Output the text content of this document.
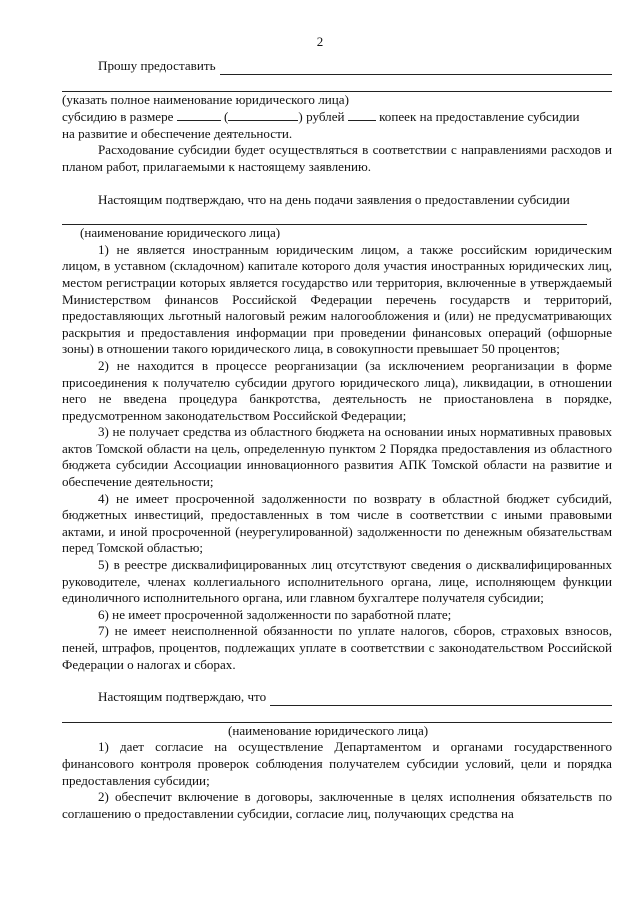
2
Прошу предоставить

(указать полное наименование юридического лица)

субсидию в размере	(	) рублей	копеек на предоставление субсидии

на развитие и обеспечение деятельности.

Расходование субсидии будет осуществляться в соответствии с направлениями расходов и планом работ, прилагаемыми к настоящему заявлению.

Настоящим подтверждаю, что на день подачи заявления о предоставлении субсидии

(наименование юридического лица)

1) не является иностранным юридическим лицом, а также российским юридическим лицом, в уставном (складочном) капитале которого доля участия иностранных юридических лиц, местом регистрации которых является государство или территория, включенные в утверждаемый Министерством финансов Российской Федерации перечень государств и территорий, предоставляющих льготный налоговый режим налогообложения и (или) не предусматривающих раскрытия и предоставления информации при проведении финансовых операций (офшорные зоны) в отношении такого юридического лица, в совокупности превышает 50 процентов;

2) не находится в процессе реорганизации (за исключением реорганизации в форме присоединения к получателю субсидии другого юридического лица), ликвидации, в отношении него не введена процедура банкротства, деятельность не приостановлена в порядке, предусмотренном законодательством Российской Федерации;

3) не получает средства из областного бюджета на основании иных нормативных правовых актов Томской области на цель, определенную пунктом 2 Порядка предоставления из областного бюджета субсидии Ассоциации инновационного развития АПК Томской области на развитие и обеспечение деятельности;

4) не имеет просроченной задолженности по возврату в областной бюджет субсидий, бюджетных инвестиций, предоставленных в том числе в соответствии с иными правовыми актами, и иной просроченной (неурегулированной) задолженности по денежным обязательствам перед Томской областью;

5) в реестре дисквалифицированных лиц отсутствуют сведения о дисквалифицированных руководителе, членах коллегиального исполнительного органа, лице, исполняющем функции единоличного исполнительного органа, или главном бухгалтере получателя субсидии;

6) не имеет просроченной задолженности по заработной плате;

7) не имеет неисполненной обязанности по уплате налогов, сборов, страховых взносов, пеней, штрафов, процентов, подлежащих уплате в соответствии с законодательством Российской Федерации о налогах и сборах.

Настоящим подтверждаю, что

(наименование юридического лица)

1) дает согласие на осуществление Департаментом и органами государственного финансового контроля проверок соблюдения получателем субсидии условий, цели и порядка предоставления субсидии;

2) обеспечит включение в договоры, заключенные в целях исполнения обязательств по соглашению о предоставлении субсидии, согласие лиц, получающих средства на
